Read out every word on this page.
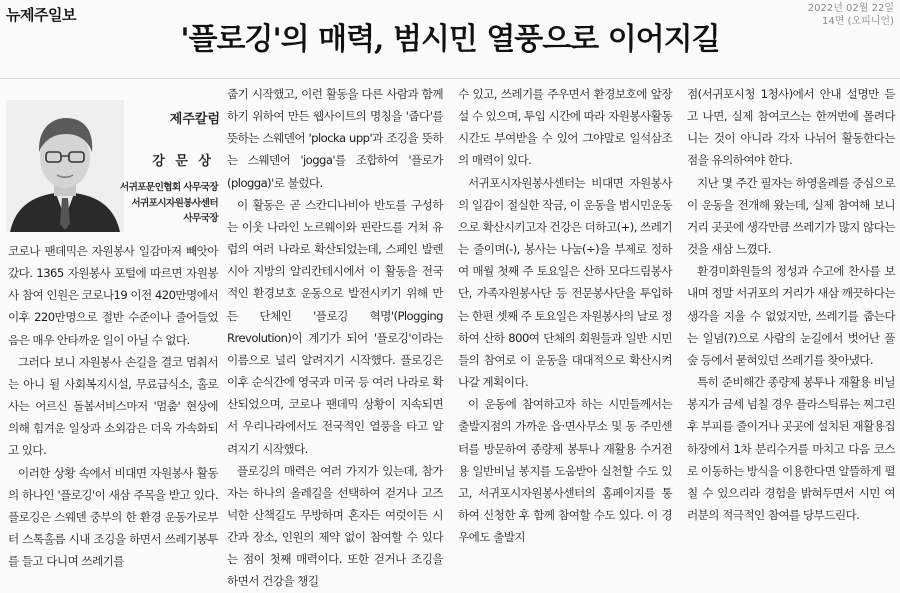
뉴제주일보	2022년 02월 22일
14면 (오피니언)
'플로깅'의 매력, 범시민 열풍으로 이어지길
제주칼럼
강 문 상
서귀포문인협회 사무국장
서귀포시자원봉사센터
사무국장

코로나 팬데믹은 자원봉사 일감마저 빼앗아 갔다. 1365 자원봉사 포털에 따르면 자원봉사 참여 인원은 코로나19 이전 420만명에서 이후 220만명으로 절반 수준이나 줄어들었음은 매우 안타까운 일이 아닐 수 없다.

그러다 보니 자원봉사 손길을 결코 멈춰서는 아니 될 사회복지시설, 무료급식소, 홀로 사는 어르신 돌봄서비스마저 '멈춤' 현상에 의해 힘겨운 일상과 소외감은 더욱 가속화되고 있다.

이러한 상황 속에서 비대면 자원봉사 활동의 하나인 '플로깅'이 새삼 주목을 받고 있다. 플로깅은 스웨덴 중부의 한 환경 운동가로부터 스톡홀름 시내 조깅을 하면서 쓰레기봉투를 들고 다니며 쓰레기를

줍기 시작했고, 이런 활동을 다른 사람과 함께 하기 위하여 만든 웹사이트의 명칭을 '줍다'를 뜻하는 스웨덴어 'plocka upp'과 조깅을 뜻하는 스웨덴어 'jogga'를 조합하여 '플로가(plogga)'로 불렀다.

이 활동은 곧 스칸디나비아 반도를 구성하는 이웃 나라인 노르웨이와 핀란드를 거쳐 유럽의 여러 나라로 확산되었는데, 스페인 발렌시아 지방의 알리칸테시에서 이 활동을 전국적인 환경보호 운동으로 발전시키기 위해 만든 단체인 '플로깅 혁명'(Plogging Rrevolution)이 계기가 되어 '플로깅'이라는 이름으로 널리 알려지기 시작했다. 플로깅은 이후 순식간에 영국과 미국 등 여러 나라로 확산되었으며, 코로나 팬데믹 상황이 지속되면서 우리나라에서도 전국적인 열풍을 타고 알려지기 시작했다.

플로깅의 매력은 여러 가지가 있는데, 참가자는 하나의 올레길을 선택하여 걷거나 고즈넉한 산책길도 무방하며 혼자든 여럿이든 시간과 장소, 인원의 제약 없이 참여할 수 있다는 점이 첫째 매력이다. 또한 걷거나 조깅을 하면서 건강을 챙길

수 있고, 쓰레기를 주우면서 환경보호에 앞장설 수 있으며, 투입 시간에 따라 자원봉사활동 시간도 부여받을 수 있어 그야말로 일석삼조의 매력이 있다.

서귀포시자원봉사센터는 비대면 자원봉사의 일감이 절실한 작금, 이 운동을 범시민운동으로 확산시키고자 건강은 더하고(+), 쓰레기는 줄이며(-), 봉사는 나눔(÷)을 부제로 정하여 매월 첫째 주 토요일은 산하 모다드림봉사단, 가족자원봉사단 등 전문봉사단을 투입하는 한편 셋째 주 토요일은 자원봉사의 날로 정하여 산하 800여 단체의 회원들과 일반 시민들의 참여로 이 운동을 대대적으로 확산시켜나갈 계획이다.

이 운동에 참여하고자 하는 시민들께서는 출발지점의 가까운 읍·면사무소 및 동 주민센터를 방문하여 종량제 봉투나 재활용 수거전용 일반비닐 봉지를 도움받아 실천할 수도 있고, 서귀포시자원봉사센터의 홈페이지를 통하여 신청한 후 함께 참여할 수도 있다. 이 경우에도 출발지

점(서귀포시청 1청사)에서 안내 설명만 듣고 나면, 실제 참여코스는 한꺼번에 몰려다니는 것이 아니라 각자 나뉘어 활동한다는 점을 유의하여야 한다.

지난 몇 주간 필자는 하영올레를 중심으로 이 운동을 전개해 왔는데, 실제 참여해 보니 거리 곳곳에 생각만큼 쓰레기가 많지 않다는 것을 새삼 느꼈다.

환경미화원들의 정성과 수고에 찬사를 보내며 정말 서귀포의 거리가 새삼 깨끗하다는 생각을 지울 수 없었지만, 쓰레기를 줍는다는 일념(?)으로 사람의 눈길에서 벗어난 풀숲 등에서 묻혀있던 쓰레기를 찾아냈다.

특히 준비해간 종량제 봉투나 재활용 비닐봉지가 금세 넘칠 경우 플라스틱류는 찌그린 후 부피를 줄이거나 곳곳에 설치된 재활용집하장에서 1차 분리수거를 마치고 다음 코스로 이동하는 방식을 이용한다면 알뜰하게 펼칠 수 있으리라 경험을 밝혀두면서 시민 여러분의 적극적인 참여를 당부드린다.
